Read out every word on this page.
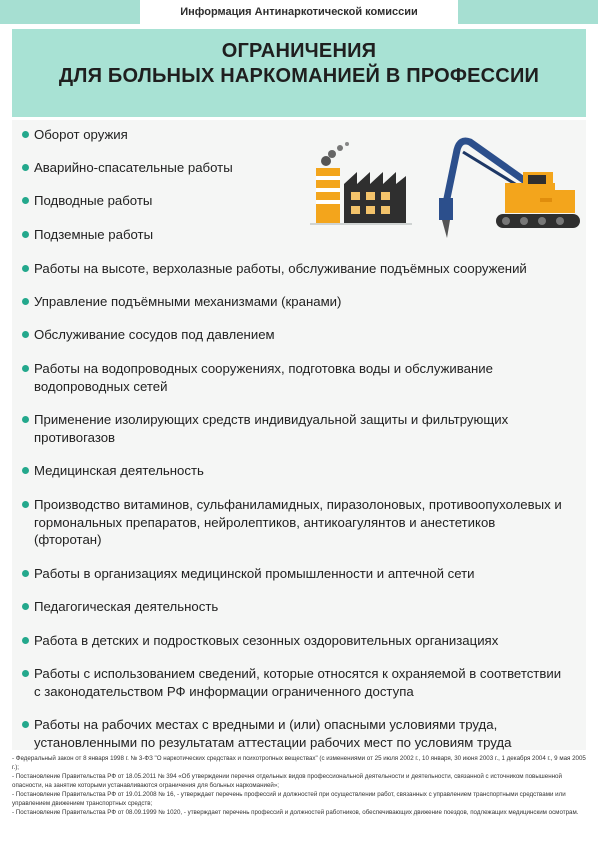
Информация Антинаркотической комиссии
ОГРАНИЧЕНИЯ
ДЛЯ БОЛЬНЫХ НАРКОМАНИЕЙ В ПРОФЕССИИ
Оборот оружия
Аварийно-спасательные работы
Подводные работы
Подземные работы
Работы на высоте, верхолазные работы, обслуживание подъёмных сооружений
Управление подъёмными механизмами (кранами)
Обслуживание сосудов под давлением
Работы на водопроводных сооружениях, подготовка воды и обслуживание водопроводных сетей
Применение изолирующих средств индивидуальной защиты и фильтрующих противогазов
Медицинская деятельность
Производство витаминов, сульфаниламидных, пиразолоновых, противоопухолевых и гормональных препаратов, нейролептиков, антикоагулянтов и анестетиков (фторотан)
Работы в организациях медицинской промышленности и аптечной сети
Педагогическая деятельность
Работа в детских и подростковых сезонных оздоровительных организациях
Работы с использованием сведений, которые относятся к охраняемой в соответствии с законодательством РФ информации ограниченного доступа
Работы на рабочих местах с вредными и (или) опасными условиями труда, установленными по результатам аттестации рабочих мест по условиям труда
- Федеральный закон от 8 января 1998 г. № 3-ФЗ "О наркотических средствах и психотропных веществах" (с изменениями от 25 июля 2002 г., 10 января, 30 июня 2003 г., 1 декабря 2004 г., 9 мая 2005 г.);
- Постановление Правительства РФ от 18.05.2011 № 394 «Об утверждении перечня отдельных видов профессиональной деятельности и деятельности, связанной с источником повышенной опасности, на занятие которыми устанавливаются ограничения для больных наркоманией»;
- Постановление Правительства РФ от 19.01.2008 № 16, - утверждает перечень профессий и должностей при осуществлении работ, связанных с управлением транспортными средствами или управлением движением транспортных средств;
- Постановление Правительства РФ от 08.09.1999 № 1020, - утверждает перечень профессий и должностей работников, обеспечивающих движение поездов, подлежащих медицинским осмотрам.
